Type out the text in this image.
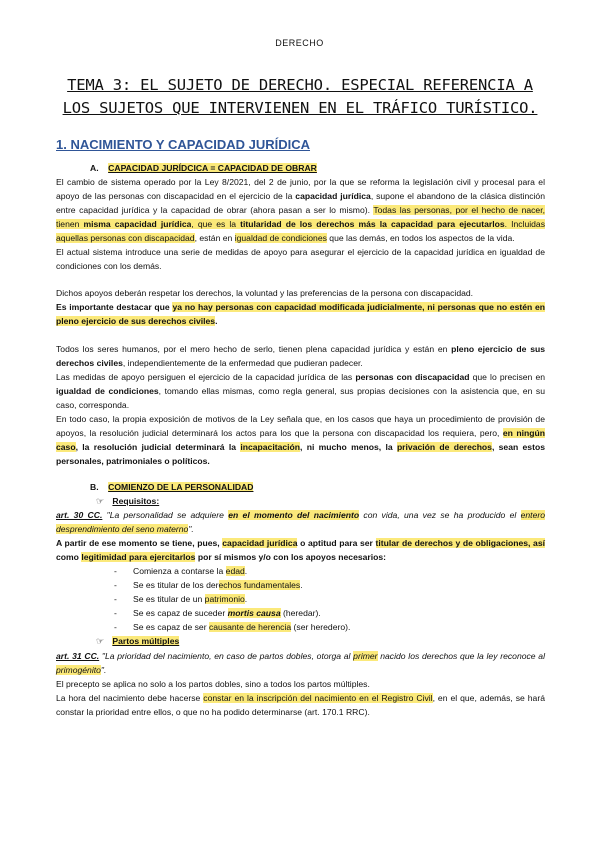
DERECHO
TEMA 3: EL SUJETO DE DERECHO. ESPECIAL REFERENCIA A
LOS SUJETOS QUE INTERVIENEN EN EL TRÁFICO TURÍSTICO.
1. NACIMIENTO Y CAPACIDAD JURÍDICA

A. CAPACIDAD JURÍDCICA = CAPACIDAD DE OBRAR

El cambio de sistema operado por la Ley 8/2021, del 2 de junio, por la que se reforma la legislación civil y procesal para el apoyo de las personas con discapacidad en el ejercicio de la capacidad jurídica, supone el abandono de la clásica distinción entre capacidad jurídica y la capacidad de obrar (ahora pasan a ser lo mismo). Todas las personas, por el hecho de nacer, tienen misma capacidad jurídica, que es la titularidad de los derechos más la capacidad para ejecutarlos. Incluidas aquellas personas con discapacidad, están en igualdad de condiciones que las demás, en todos los aspectos de la vida.

El actual sistema introduce una serie de medidas de apoyo para asegurar el ejercicio de la capacidad jurídica en igualdad de condiciones con los demás.

Dichos apoyos deberán respetar los derechos, la voluntad y las preferencias de la persona con discapacidad.

Es importante destacar que ya no hay personas con capacidad modificada judicialmente, ni personas que no estén en pleno ejercicio de sus derechos civiles.

Todos los seres humanos, por el mero hecho de serlo, tienen plena capacidad jurídica y están en pleno ejercicio de sus derechos civiles, independientemente de la enfermedad que pudieran padecer.

Las medidas de apoyo persiguen el ejercicio de la capacidad jurídica de las personas con discapacidad que lo precisen en igualdad de condiciones, tomando ellas mismas, como regla general, sus propias decisiones con la asistencia que, en su caso, corresponda.

En todo caso, la propia exposición de motivos de la Ley señala que, en los casos que haya un procedimiento de provisión de apoyos, la resolución judicial determinará los actos para los que la persona con discapacidad los requiera, pero, en ningún caso, la resolución judicial determinará la incapacitación, ni mucho menos, la privación de derechos, sean estos personales, patrimoniales o políticos.

B. COMIENZO DE LA PERSONALIDAD

☞ Requisitos:

art. 30 CC. "La personalidad se adquiere en el momento del nacimiento con vida, una vez se ha producido el entero desprendimiento del seno materno".

A partir de ese momento se tiene, pues, capacidad jurídica o aptitud para ser titular de derechos y de obligaciones, así como legitimidad para ejercitarlos por sí mismos y/o con los apoyos necesarios:

- Comienza a contarse la edad.

- Se es titular de los derechos fundamentales.

- Se es titular de un patrimonio.

- Se es capaz de suceder mortis causa (heredar).

- Se es capaz de ser causante de herencia (ser heredero).

☞ Partos múltiples

art. 31 CC. "La prioridad del nacimiento, en caso de partos dobles, otorga al primer nacido los derechos que la ley reconoce al primogénito".

El precepto se aplica no solo a los partos dobles, sino a todos los partos múltiples.

La hora del nacimiento debe hacerse constar en la inscripción del nacimiento en el Registro Civil, en el que, además, se hará constar la prioridad entre ellos, o que no ha podido determinarse (art. 170.1 RRC).
